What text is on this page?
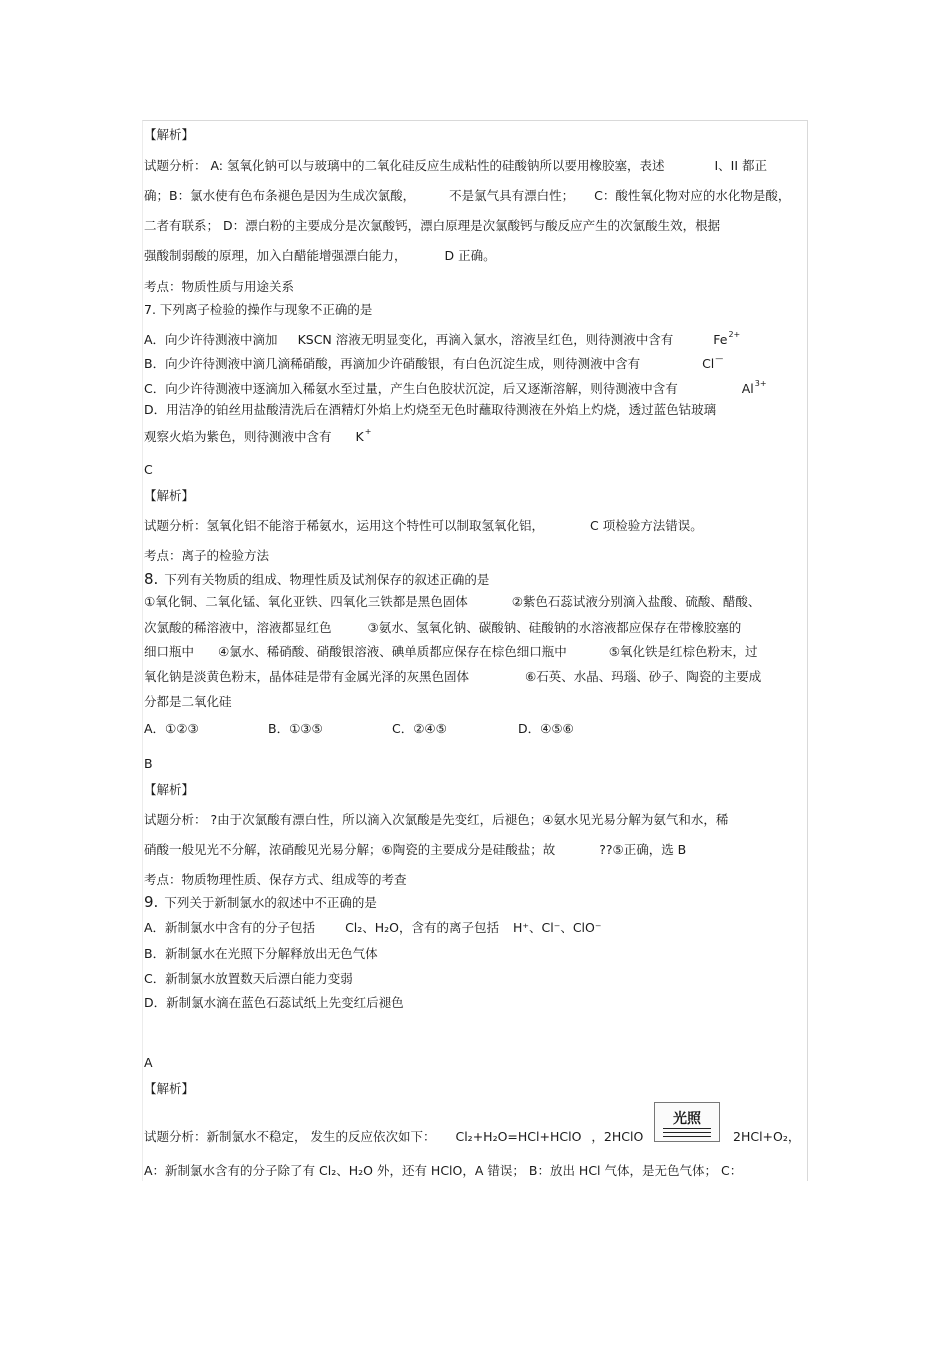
【解析】
试题分析： A: 氢氧化钠可以与玻璃中的二氧化硅反应生成粘性的硅酸钠所以要用橡胶塞，表述	I、II 都正
确；B：氯水使有色布条褪色是因为生成次氯酸，	不是氯气具有漂白性； C：酸性氧化物对应的水化物是酸，
二者有联系； D：漂白粉的主要成分是次氯酸钙，漂白原理是次氯酸钙与酸反应产生的次氯酸生效，根据
强酸制弱酸的原理，加入白醋能增强漂白能力，	D 正确。
考点：物质性质与用途关系
7. 下列离子检验的操作与现象不正确的是
A．向少许待测液中滴加 KSCN 溶液无明显变化，再滴入氯水，溶液呈红色，则待测液中含有	$Fe^{2+}$
B．向少许待测液中滴几滴稀硝酸，再滴加少许硝酸银，有白色沉淀生成，则待测液中含有	Cl—
C．向少许待测液中逐滴加入稀氨水至过量，产生白色胶状沉淀，后又逐渐溶解，则待测液中含有	$Al^{3+}$
D．用洁净的铂丝用盐酸清洗后在酒精灯外焰上灼烧至无色时蘸取待测液在外焰上灼烧，透过蓝色钴玻璃
观察火焰为紫色，则待测液中含有 K+
C
【解析】
试题分析：氢氧化铝不能溶于稀氨水，运用这个特性可以制取氢氧化铝，	C 项检验方法错误。
考点：离子的检验方法
8. 下列有关物质的组成、物理性质及试剂保存的叙述正确的是
①氧化铜、二氧化锰、氧化亚铁、四氧化三铁都是黑色固体	②紫色石蕊试液分别滴入盐酸、硫酸、醋酸、
次氯酸的稀溶液中，溶液都显红色	③氨水、氢氧化钠、碳酸钠、硅酸钠的水溶液都应保存在带橡胶塞的
细口瓶中 ④氯水、稀硝酸、硝酸银溶液、碘单质都应保存在棕色细口瓶中	⑤氧化铁是红棕色粉末，过
氧化钠是淡黄色粉末，晶体硅是带有金属光泽的灰黑色固体	⑥石英、水晶、玛瑙、砂子、陶瓷的主要成
分都是二氧化硅
A．①②③	B．①③⑤	C．②④⑤	D．④⑤⑥
B
【解析】
试题分析： ?由于次氯酸有漂白性，所以滴入次氯酸是先变红，后褪色；④氨水见光易分解为氨气和水，稀
硝酸一般见光不分解，浓硝酸见光易分解；⑥陶瓷的主要成分是硅酸盐；故	??⑤正确，选 B
考点：物质物理性质、保存方式、组成等的考查
9. 下列关于新制氯水的叙述中不正确的是
A．新制氯水中含有的分子包括 Cl₂、H₂O，含有的离子包括 H⁺、Cl⁻、ClO⁻
B．新制氯水在光照下分解释放出无色气体
C．新制氯水放置数天后漂白能力变弱
D．新制氯水滴在蓝色石蕊试纸上先变红后褪色
A
【解析】
试题分析：新制氯水不稳定， 发生的反应依次如下： Cl₂+H₂O=HCl+HClO ，2HClO
光照
2HCl+O₂，
A：新制氯水含有的分子除了有 Cl₂、H₂O 外，还有 HClO，A 错误； B：放出 HCl 气体，是无色气体； C：
